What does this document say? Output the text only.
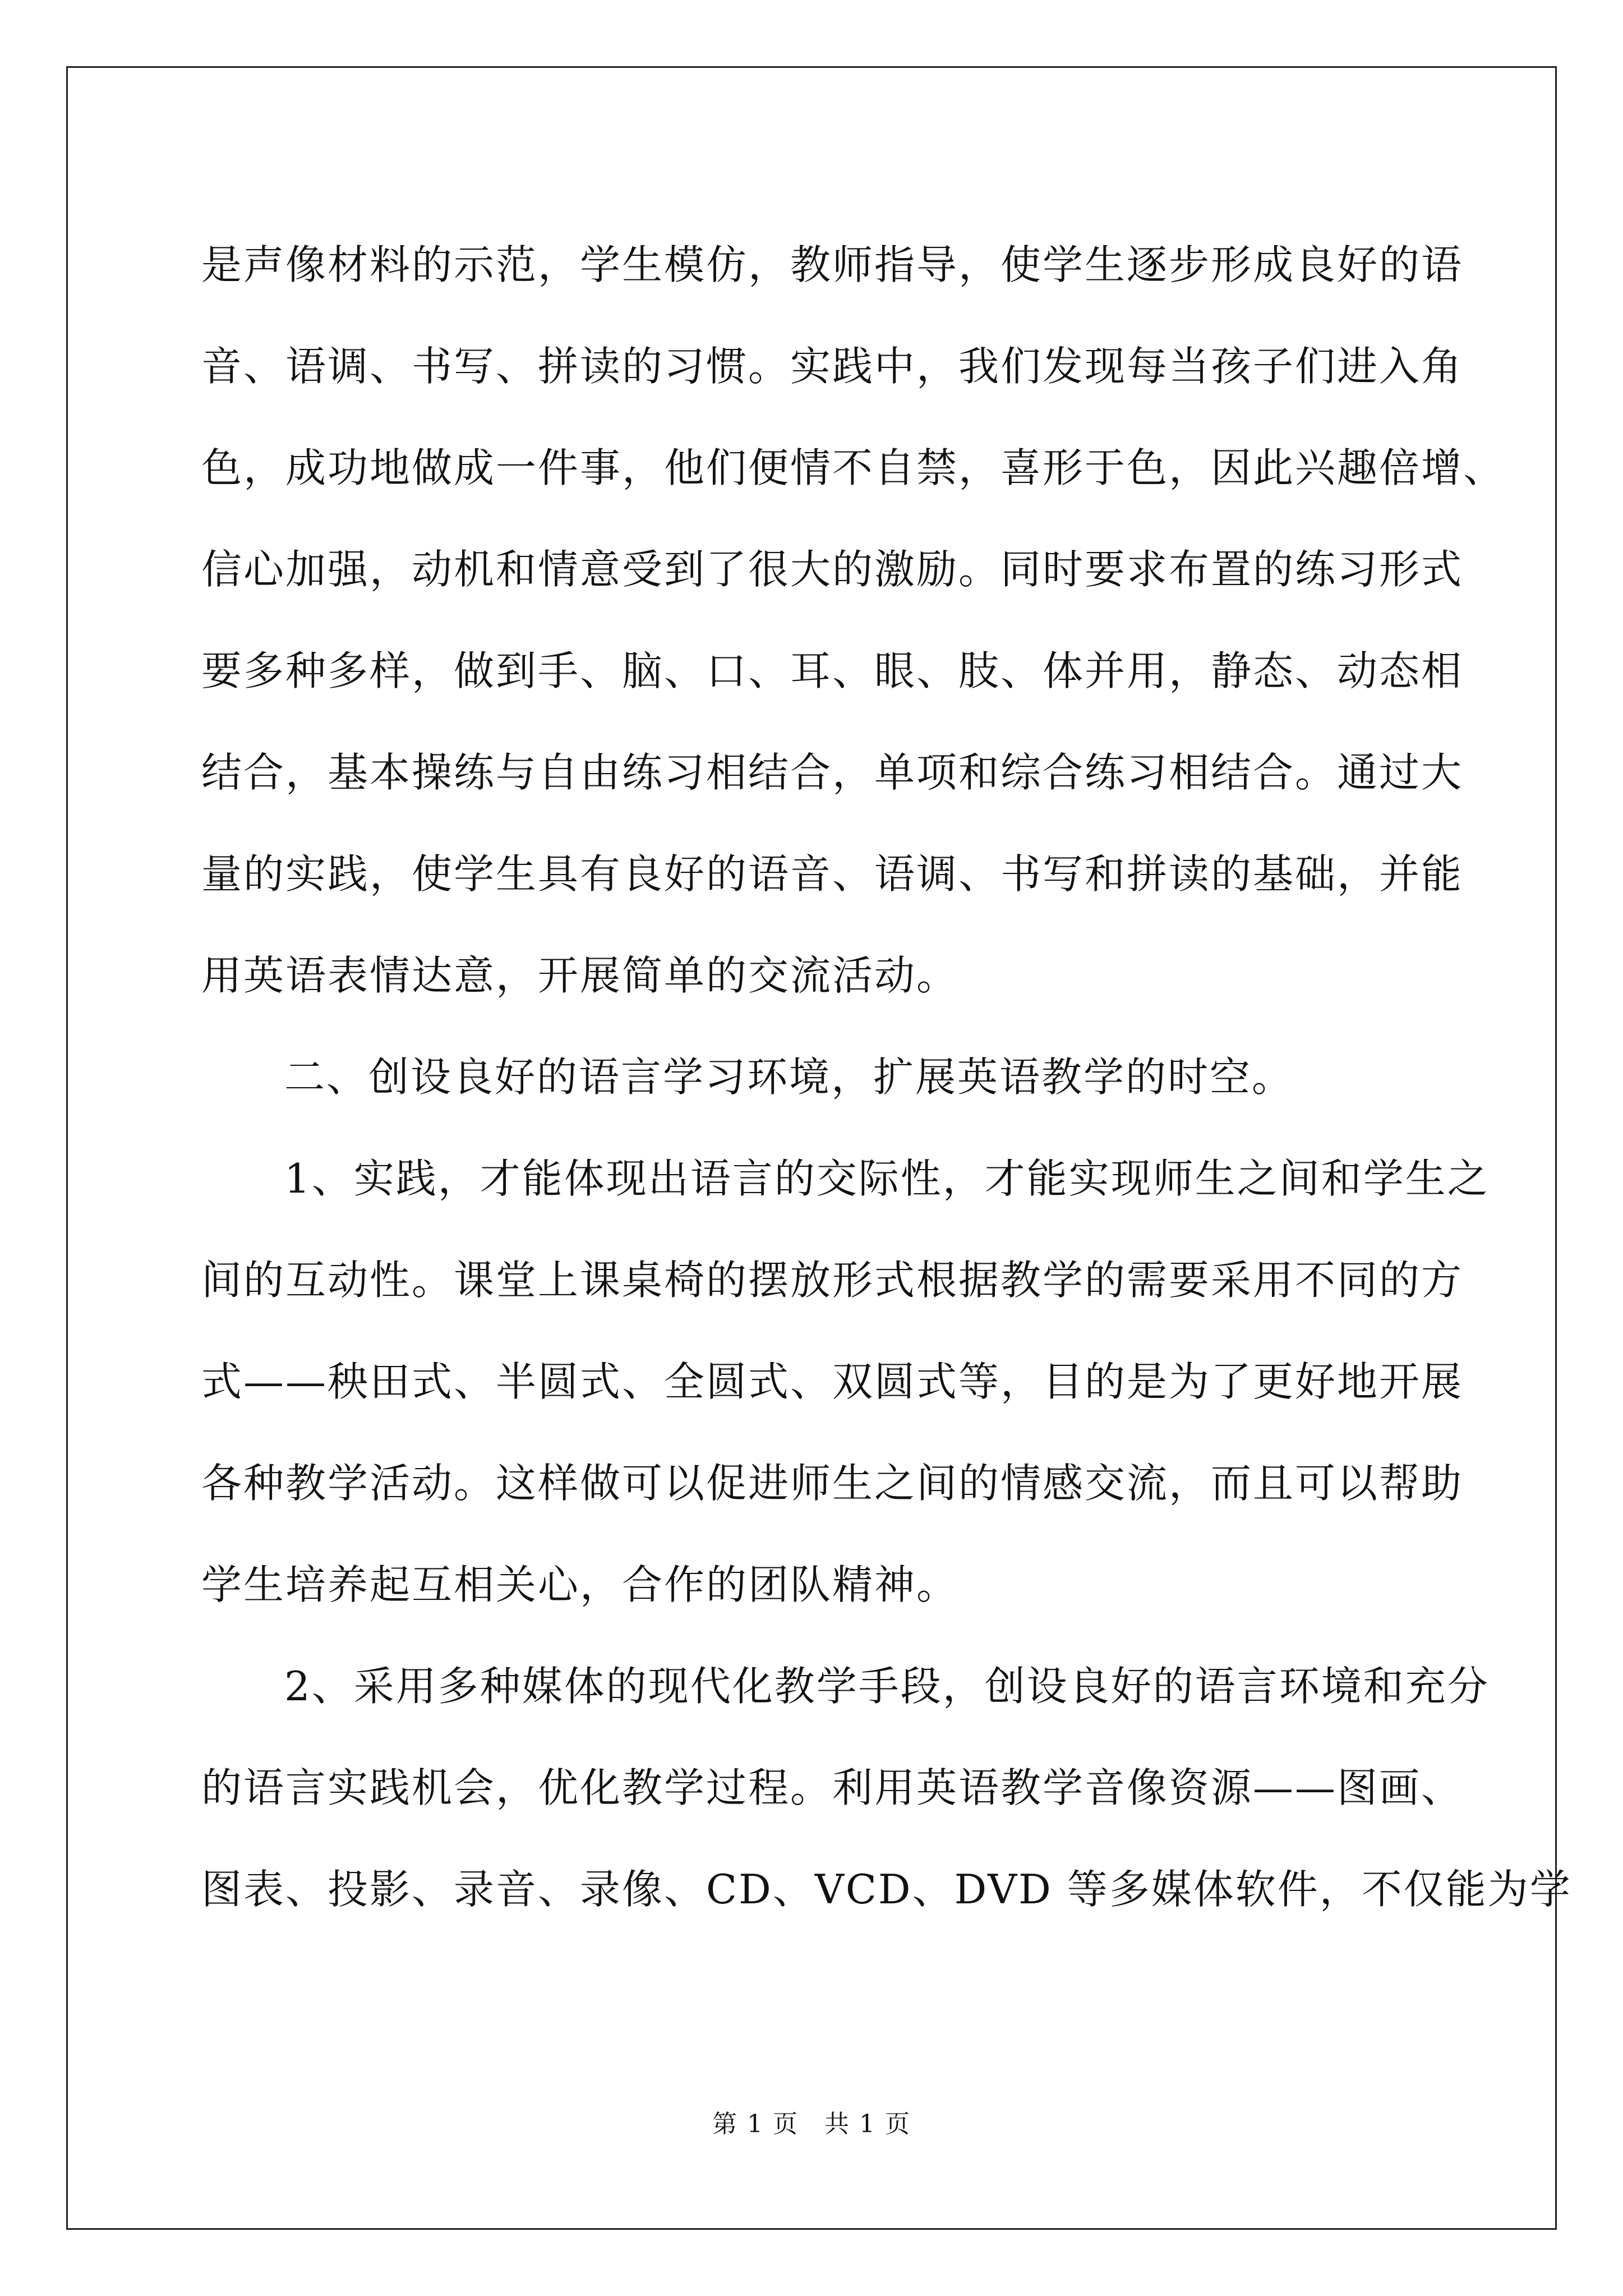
是声像材料的示范，学生模仿，教师指导，使学生逐步形成良好的语
音、语调、书写、拼读的习惯。实践中，我们发现每当孩子们进入角
色，成功地做成一件事，他们便情不自禁，喜形于色，因此兴趣倍增、
信心加强，动机和情意受到了很大的激励。同时要求布置的练习形式
要多种多样，做到手、脑、口、耳、眼、肢、体并用，静态、动态相
结合，基本操练与自由练习相结合，单项和综合练习相结合。通过大
量的实践，使学生具有良好的语音、语调、书写和拼读的基础，并能
用英语表情达意，开展简单的交流活动。
二、创设良好的语言学习环境，扩展英语教学的时空。
1、实践，才能体现出语言的交际性，才能实现师生之间和学生之
间的互动性。课堂上课桌椅的摆放形式根据教学的需要采用不同的方
式——秧田式、半圆式、全圆式、双圆式等，目的是为了更好地开展
各种教学活动。这样做可以促进师生之间的情感交流，而且可以帮助
学生培养起互相关心，合作的团队精神。
2、采用多种媒体的现代化教学手段，创设良好的语言环境和充分
的语言实践机会，优化教学过程。利用英语教学音像资源——图画、
图表、投影、录音、录像、CD、VCD、DVD 等多媒体软件，不仅能为学
第 1 页　共 1 页
